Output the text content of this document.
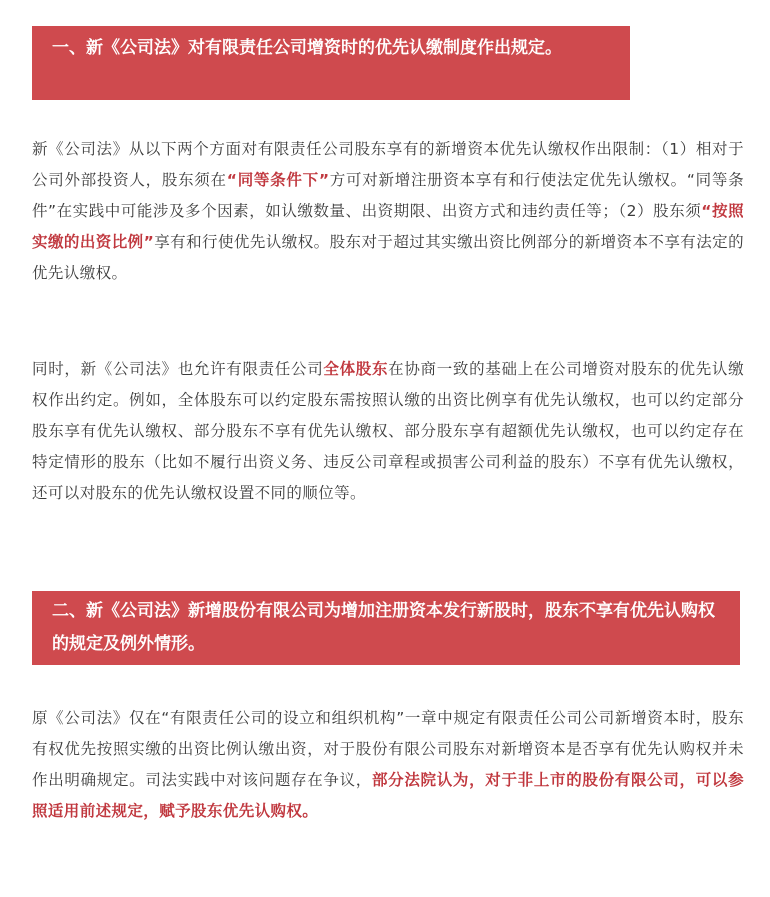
一、新《公司法》对有限责任公司增资时的优先认缴制度作出规定。

新《公司法》从以下两个方面对有限责任公司股东享有的新增资本优先认缴权作出限制：（1）相对于公司外部投资人，股东须在“同等条件下”方可对新增注册资本享有和行使法定优先认缴权。“同等条件”在实践中可能涉及多个因素，如认缴数量、出资期限、出资方式和违约责任等；（2）股东须“按照实缴的出资比例”享有和行使优先认缴权。股东对于超过其实缴出资比例部分的新增资本不享有法定的优先认缴权。

同时，新《公司法》也允许有限责任公司全体股东在协商一致的基础上在公司增资对股东的优先认缴权作出约定。例如，全体股东可以约定股东需按照认缴的出资比例享有优先认缴权，也可以约定部分股东享有优先认缴权、部分股东不享有优先认缴权、部分股东享有超额优先认缴权，也可以约定存在特定情形的股东（比如不履行出资义务、违反公司章程或损害公司利益的股东）不享有优先认缴权，还可以对股东的优先认缴权设置不同的顺位等。

二、新《公司法》新增股份有限公司为增加注册资本发行新股时，股东不享有优先认购权的规定及例外情形。

原《公司法》仅在“有限责任公司的设立和组织机构”一章中规定有限责任公司公司新增资本时，股东有权优先按照实缴的出资比例认缴出资，对于股份有限公司股东对新增资本是否享有优先认购权并未作出明确规定。司法实践中对该问题存在争议，部分法院认为，对于非上市的股份有限公司，可以参照适用前述规定，赋予股东优先认购权。
